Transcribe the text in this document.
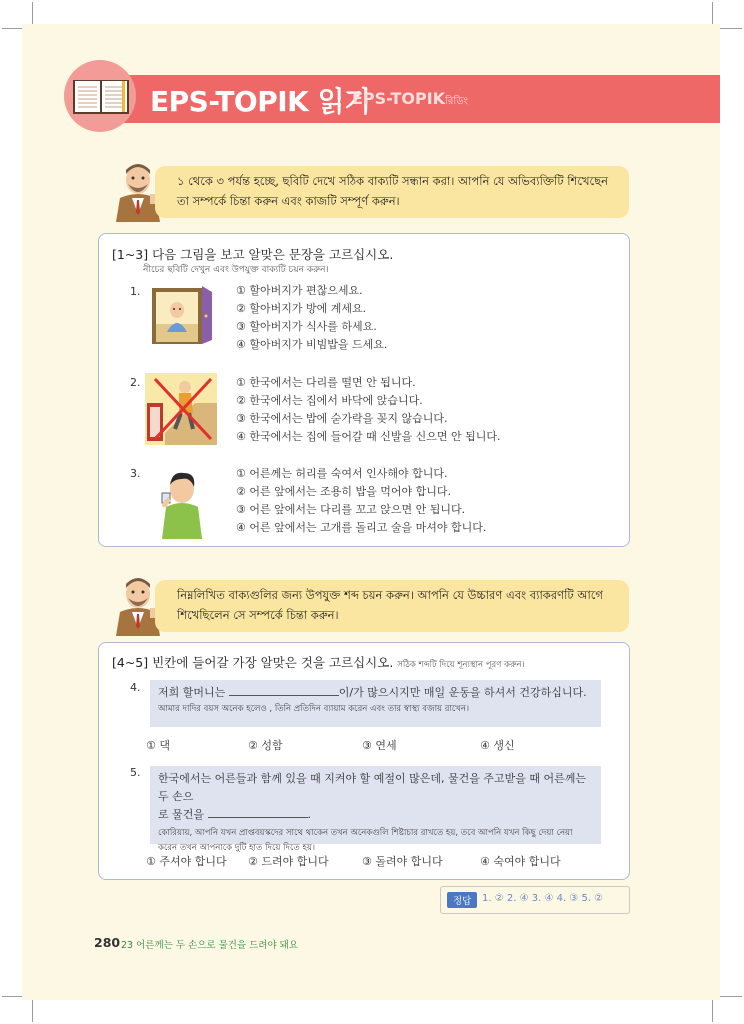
EPS-TOPIK 읽기
EPS-TOPIKরিডিং
১ থেকে ৩ পর্যন্ত হচ্ছে, ছবিটি দেখে সঠিক বাক্যটি সন্ধান করা। আপনি যে অভিব্যক্তিটি শিখেছেন তা সম্পর্কে চিন্তা করুন এবং কাজটি সম্পূর্ণ করুন।
[1~3] 다음 그림을 보고 알맞은 문장을 고르십시오.
নীচের ছবিটি দেখুন এবং উপযুক্ত বাক্যটি চয়ন করুন।
1.	① 할아버지가 편찮으세요.
② 할아버지가 방에 계세요.
③ 할아버지가 식사를 하세요.
④ 할아버지가 비빔밥을 드세요.
2.	① 한국에서는 다리를 떨면 안 됩니다.
② 한국에서는 집에서 바닥에 앉습니다.
③ 한국에서는 밥에 숟가락을 꽂지 않습니다.
④ 한국에서는 집에 들어갈 때 신발을 신으면 안 됩니다.
3.	① 어른께는 허리를 숙여서 인사해야 합니다.
② 어른 앞에서는 조용히 밥을 먹어야 합니다.
③ 어른 앞에서는 다리를 꼬고 앉으면 안 됩니다.
④ 어른 앞에서는 고개를 돌리고 술을 마셔야 합니다.
নিম্নলিখিত বাক্যগুলির জন্য উপযুক্ত শব্দ চয়ন করুন। আপনি যে উচ্চারণ এবং ব্যাকরণটি আগে শিখেছিলেন সে সম্পর্কে চিন্তা করুন।
[4~5] 빈칸에 들어갈 가장 알맞은 것을 고르십시오. সঠিক শব্দটি দিয়ে শূন্যস্থান পূরণ করুন।
4. 저희 할머니는	이/가 많으시지만 매일 운동을 하셔서 건강하십니다.
আমার দাদির বয়স অনেক হলেও , তিনি প্রতিদিন ব্যায়াম করেন এবং তার স্বাস্থ্য বজায় রাখেন।
① 댁	② 성함	③ 연세	④ 생신
5. 한국에서는 어른들과 함께 있을 때 지켜야 할 예절이 많은데, 물건을 주고받을 때 어른께는 두 손으
로 물건을	.
কোরিয়ায়, আপনি যখন প্রাপ্তবয়স্কদের সাথে থাকেন তখন অনেকগুলি শিষ্টাচার রাখতে হয়, তবে আপনি যখন কিছু দেয়া নেয়া করেন তখন আপনাকে দুটি হাত দিয়ে দিতে হয়।
① 주셔야 합니다 ② 드려야 합니다	③ 돌려야 합니다	④ 숙여야 합니다
정답	1. ② 2. ④ 3. ④ 4. ③ 5. ②
280 23 어른께는 두 손으로 물건을 드려야 돼요
